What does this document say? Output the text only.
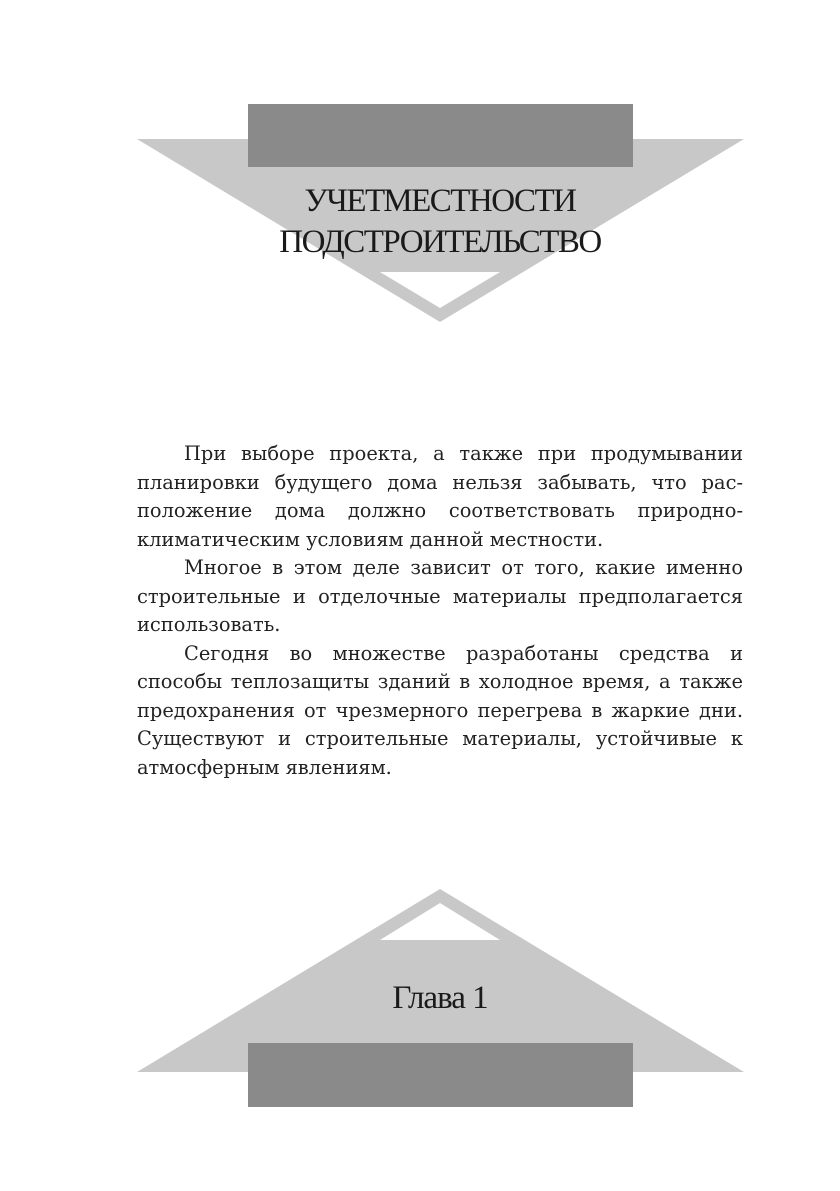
УЧЕТМЕСТНОСТИ
ПОДСТРОИТЕЛЬСТВО

При выборе проекта, а также при продумывании планировки будущего дома нельзя забывать, что расположение дома должно соответствовать природно-климатическим условиям данной местности.

Многое в этом деле зависит от того, какие именно строительные и отделочные материалы предполагается использовать.

Сегодня во множестве разработаны средства и способы теплозащиты зданий в холодное время, а также предохранения от чрезмерного перегрева в жаркие дни. Существуют и строительные материалы, устойчивые к атмосферным явлениям.

Глава 1
